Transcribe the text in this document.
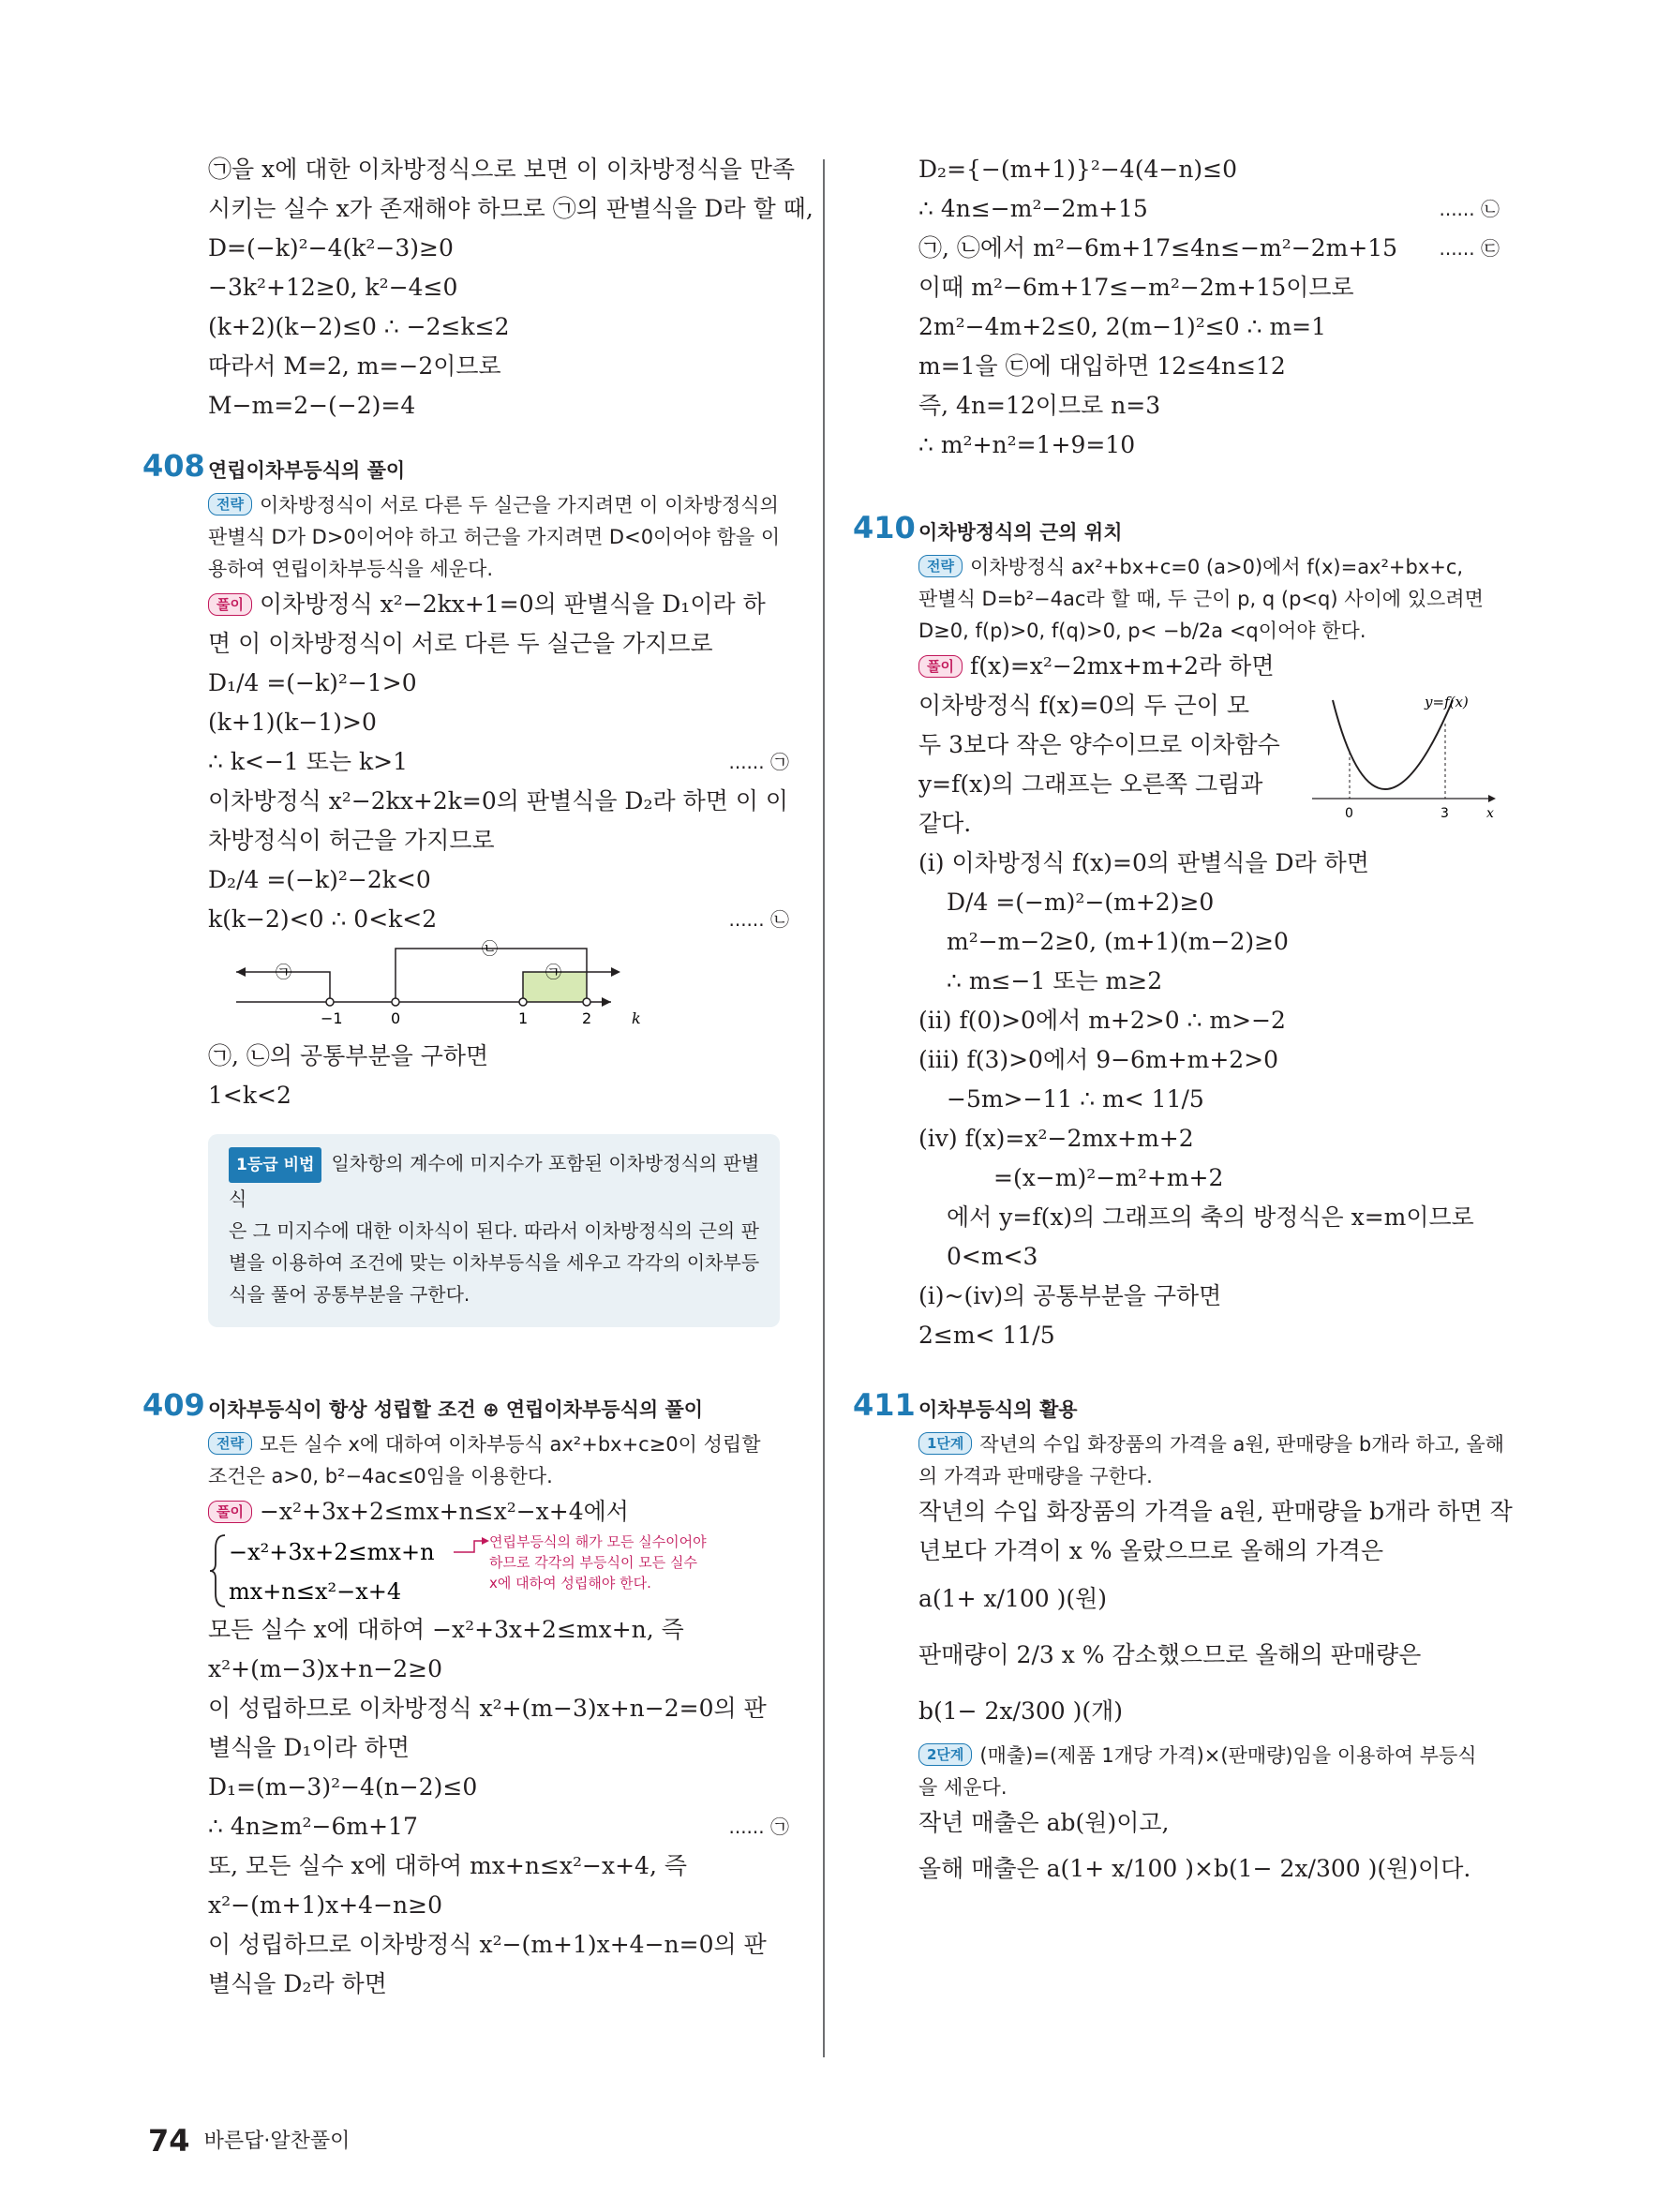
㉠을 x에 대한 이차방정식으로 보면 이 이차방정식을 만족
시키는 실수 x가 존재해야 하므로 ㉠의 판별식을 D라 할 때,
D=(−k)²−4(k²−3)≥0
−3k²+12≥0, k²−4≤0
(k+2)(k−2)≤0 ∴ −2≤k≤2
따라서 M=2, m=−2이므로
M−m=2−(−2)=4
408 연립이차부등식의 풀이
전략 이차방정식이 서로 다른 두 실근을 가지려면 이 이차방정식의
판별식 D가 D>0이어야 하고 허근을 가지려면 D<0이어야 함을 이
용하여 연립이차부등식을 세운다.
풀이 이차방정식 x²−2kx+1=0의 판별식을 D₁이라 하
면 이 이차방정식이 서로 다른 두 실근을 가지므로
D₁/4 =(−k)²−1>0
(k+1)(k−1)>0
∴ k<−1 또는 k>1	...... ㉠
이차방정식 x²−2kx+2k=0의 판별식을 D₂라 하면 이 이
차방정식이 허근을 가지므로
D₂/4 =(−k)²−2k<0
k(k−2)<0 ∴ 0<k<2	...... ㉡
㉠
㉡
㉠
−1	0	1	2	k
㉠, ㉡의 공통부분을 구하면
1<k<2
1등급 비법 일차항의 계수에 미지수가 포함된 이차방정식의 판별식
은 그 미지수에 대한 이차식이 된다. 따라서 이차방정식의 근의 판
별을 이용하여 조건에 맞는 이차부등식을 세우고 각각의 이차부등
식을 풀어 공통부분을 구한다.
409 이차부등식이 항상 성립할 조건 ⊕ 연립이차부등식의 풀이
전략 모든 실수 x에 대하여 이차부등식 ax²+bx+c≥0이 성립할
조건은 a>0, b²−4ac≤0임을 이용한다.
풀이 −x²+3x+2≤mx+n≤x²−x+4에서
−x²+3x+2≤mx+n
mx+n≤x²−x+4
연립부등식의 해가 모든 실수이어야
하므로 각각의 부등식이 모든 실수
x에 대하여 성립해야 한다.
모든 실수 x에 대하여 −x²+3x+2≤mx+n, 즉
x²+(m−3)x+n−2≥0
이 성립하므로 이차방정식 x²+(m−3)x+n−2=0의 판
별식을 D₁이라 하면
D₁=(m−3)²−4(n−2)≤0
∴ 4n≥m²−6m+17	...... ㉠
또, 모든 실수 x에 대하여 mx+n≤x²−x+4, 즉
x²−(m+1)x+4−n≥0
이 성립하므로 이차방정식 x²−(m+1)x+4−n=0의 판
별식을 D₂라 하면
D₂={−(m+1)}²−4(4−n)≤0
∴ 4n≤−m²−2m+15	...... ㉡
㉠, ㉡에서 m²−6m+17≤4n≤−m²−2m+15 ...... ㉢
이때 m²−6m+17≤−m²−2m+15이므로
2m²−4m+2≤0, 2(m−1)²≤0 ∴ m=1
m=1을 ㉢에 대입하면 12≤4n≤12
즉, 4n=12이므로 n=3
∴ m²+n²=1+9=10
410 이차방정식의 근의 위치
전략 이차방정식 ax²+bx+c=0 (a>0)에서 f(x)=ax²+bx+c,
판별식 D=b²−4ac라 할 때, 두 근이 p, q (p<q) 사이에 있으려면
D≥0, f(p)>0, f(q)>0, p< −b/2a <q이어야 한다.
풀이 f(x)=x²−2mx+m+2라 하면
이차방정식 f(x)=0의 두 근이 모
두 3보다 작은 양수이므로 이차함수
y=f(x)의 그래프는 오른쪽 그림과
같다.
y=f(x)
0	3	x
(ⅰ) 이차방정식 f(x)=0의 판별식을 D라 하면
D/4 =(−m)²−(m+2)≥0
m²−m−2≥0, (m+1)(m−2)≥0
∴ m≤−1 또는 m≥2
(ⅱ) f(0)>0에서 m+2>0 ∴ m>−2
(ⅲ) f(3)>0에서 9−6m+m+2>0
−5m>−11 ∴ m< 11/5
(ⅳ) f(x)=x²−2mx+m+2
=(x−m)²−m²+m+2
에서 y=f(x)의 그래프의 축의 방정식은 x=m이므로
0<m<3
(ⅰ)~(ⅳ)의 공통부분을 구하면
2≤m< 11/5
411 이차부등식의 활용
1단계 작년의 수입 화장품의 가격을 a원, 판매량을 b개라 하고, 올해
의 가격과 판매량을 구한다.
작년의 수입 화장품의 가격을 a원, 판매량을 b개라 하면 작
년보다 가격이 x % 올랐으므로 올해의 가격은
a(1+ x/100 )(원)
판매량이 2/3 x % 감소했으므로 올해의 판매량은
b(1− 2x/300 )(개)
2단계 (매출)=(제품 1개당 가격)×(판매량)임을 이용하여 부등식
을 세운다.
작년 매출은 ab(원)이고,
올해 매출은 a(1+ x/100 )×b(1− 2x/300 )(원)이다.
74 바른답·알찬풀이
